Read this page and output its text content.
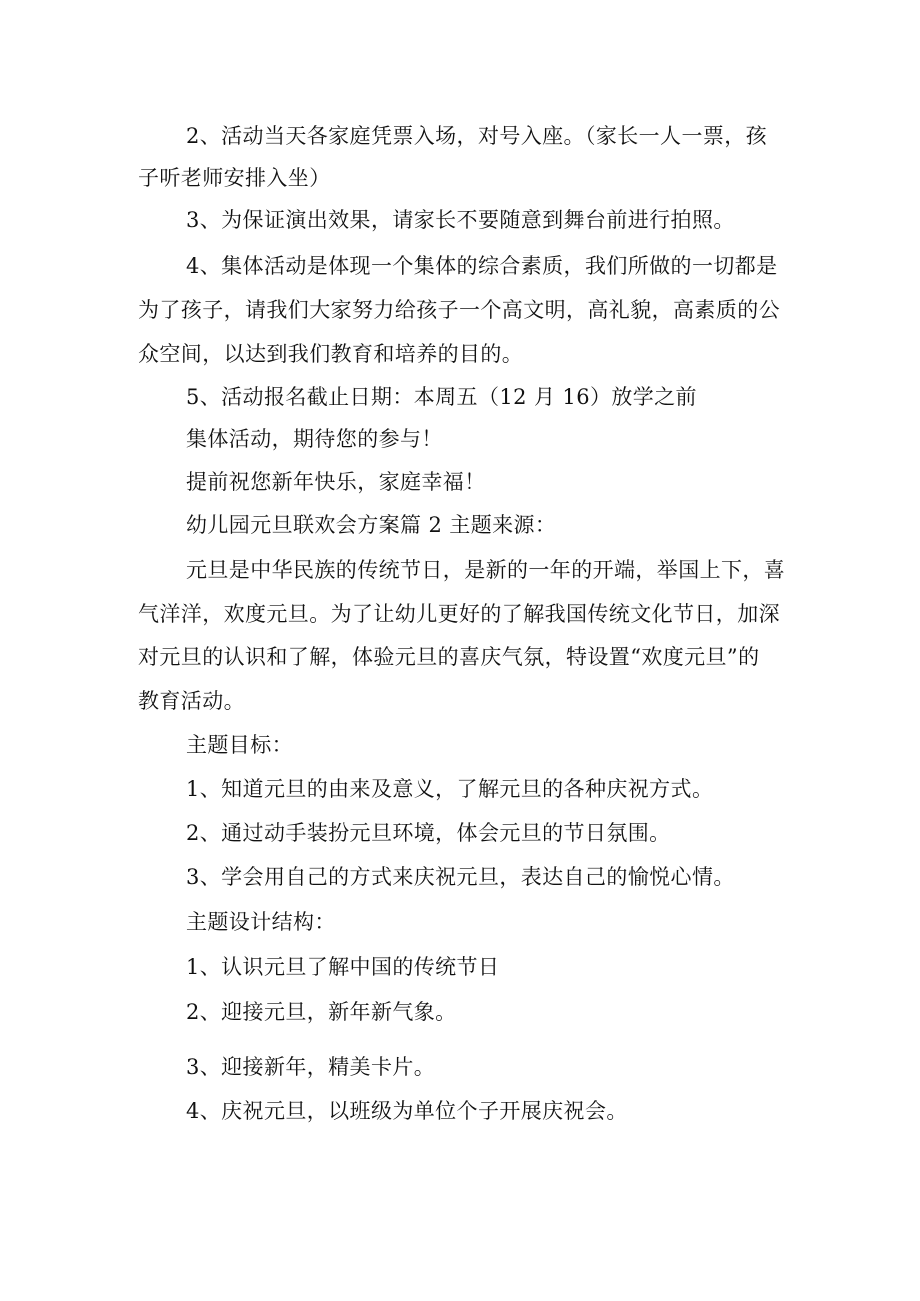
2、活动当天各家庭凭票入场，对号入座。（家长一人一票，孩
子听老师安排入坐）
3、为保证演出效果，请家长不要随意到舞台前进行拍照。
4、集体活动是体现一个集体的综合素质，我们所做的一切都是
为了孩子，请我们大家努力给孩子一个高文明，高礼貌，高素质的公
众空间，以达到我们教育和培养的目的。
5、活动报名截止日期：本周五（12 月 16）放学之前
集体活动，期待您的参与！
提前祝您新年快乐，家庭幸福！
幼儿园元旦联欢会方案篇 2 主题来源：
元旦是中华民族的传统节日，是新的一年的开端，举国上下，喜
气洋洋，欢度元旦。为了让幼儿更好的了解我国传统文化节日，加深
对元旦的认识和了解，体验元旦的喜庆气氛，特设置“欢度元旦”的
教育活动。
主题目标：
1、知道元旦的由来及意义，了解元旦的各种庆祝方式。
2、通过动手装扮元旦环境，体会元旦的节日氛围。
3、学会用自己的方式来庆祝元旦，表达自己的愉悦心情。
主题设计结构：
1、认识元旦了解中国的传统节日
2、迎接元旦，新年新气象。
3、迎接新年，精美卡片。
4、庆祝元旦，以班级为单位个子开展庆祝会。
